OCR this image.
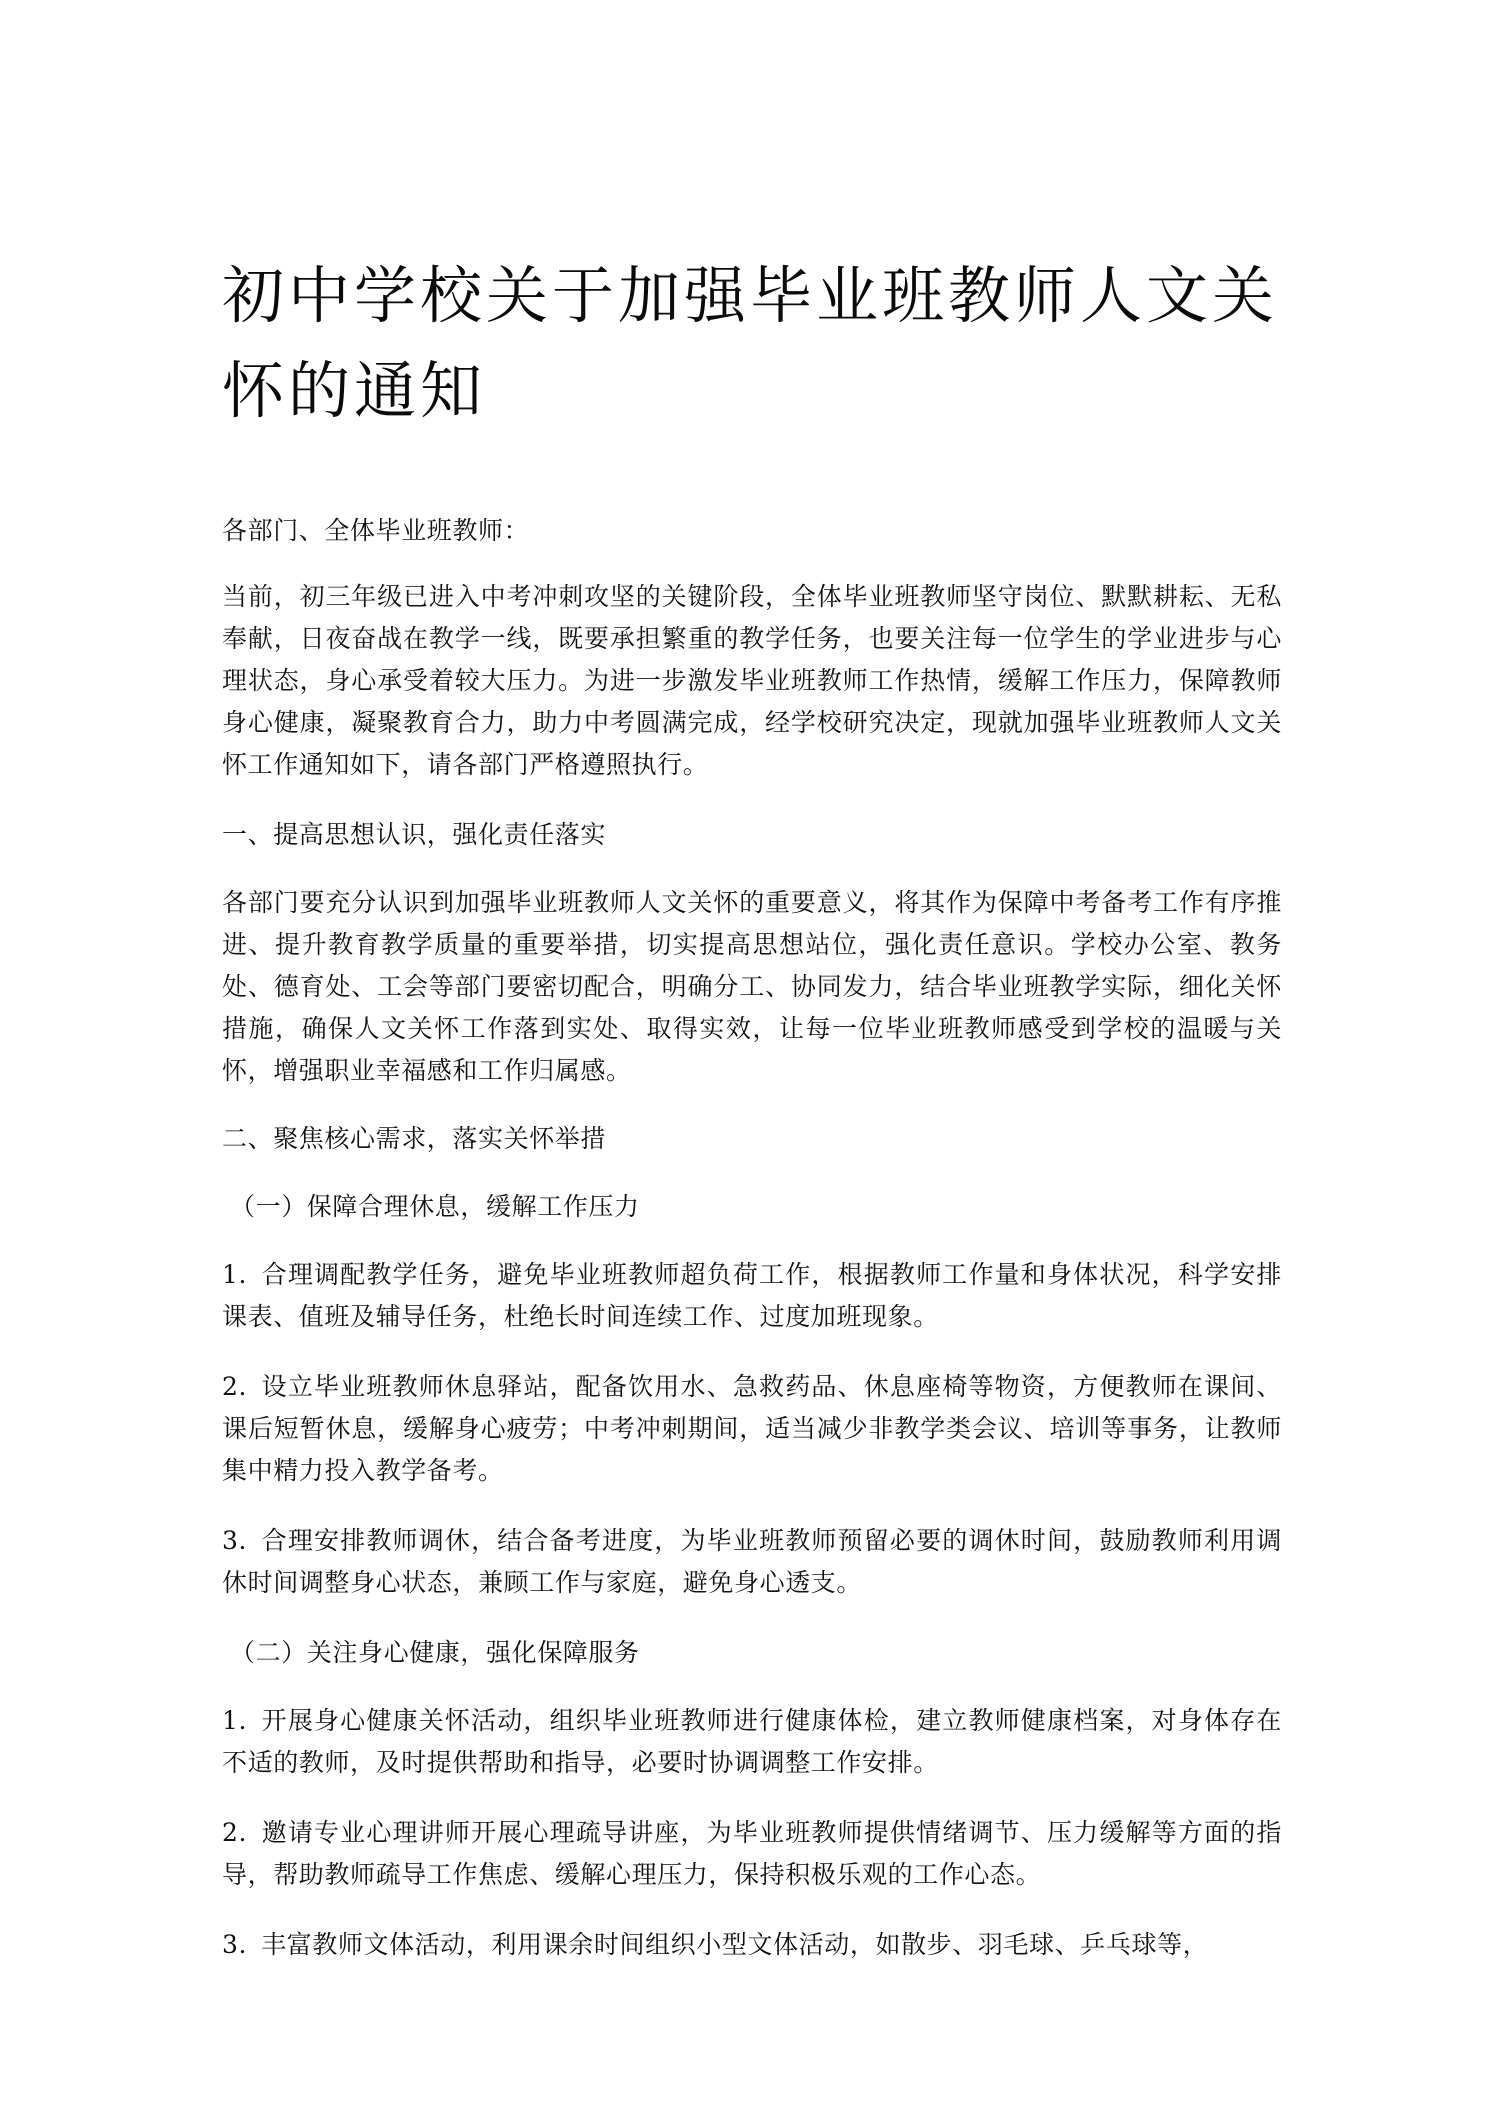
初中学校关于加强毕业班教师人文关怀的通知

各部门、全体毕业班教师：

当前，初三年级已进入中考冲刺攻坚的关键阶段，全体毕业班教师坚守岗位、默默耕耘、无私奉献，日夜奋战在教学一线，既要承担繁重的教学任务，也要关注每一位学生的学业进步与心理状态，身心承受着较大压力。为进一步激发毕业班教师工作热情，缓解工作压力，保障教师身心健康，凝聚教育合力，助力中考圆满完成，经学校研究决定，现就加强毕业班教师人文关怀工作通知如下，请各部门严格遵照执行。

一、提高思想认识，强化责任落实

各部门要充分认识到加强毕业班教师人文关怀的重要意义，将其作为保障中考备考工作有序推进、提升教育教学质量的重要举措，切实提高思想站位，强化责任意识。学校办公室、教务处、德育处、工会等部门要密切配合，明确分工、协同发力，结合毕业班教学实际，细化关怀措施，确保人文关怀工作落到实处、取得实效，让每一位毕业班教师感受到学校的温暖与关怀，增强职业幸福感和工作归属感。

二、聚焦核心需求，落实关怀举措

（一）保障合理休息，缓解工作压力

1. 合理调配教学任务，避免毕业班教师超负荷工作，根据教师工作量和身体状况，科学安排课表、值班及辅导任务，杜绝长时间连续工作、过度加班现象。

2. 设立毕业班教师休息驿站，配备饮用水、急救药品、休息座椅等物资，方便教师在课间、课后短暂休息，缓解身心疲劳；中考冲刺期间，适当减少非教学类会议、培训等事务，让教师集中精力投入教学备考。

3. 合理安排教师调休，结合备考进度，为毕业班教师预留必要的调休时间，鼓励教师利用调休时间调整身心状态，兼顾工作与家庭，避免身心透支。

（二）关注身心健康，强化保障服务

1. 开展身心健康关怀活动，组织毕业班教师进行健康体检，建立教师健康档案，对身体存在不适的教师，及时提供帮助和指导，必要时协调调整工作安排。

2. 邀请专业心理讲师开展心理疏导讲座，为毕业班教师提供情绪调节、压力缓解等方面的指导，帮助教师疏导工作焦虑、缓解心理压力，保持积极乐观的工作心态。

3. 丰富教师文体活动，利用课余时间组织小型文体活动，如散步、羽毛球、乒乓球等，
